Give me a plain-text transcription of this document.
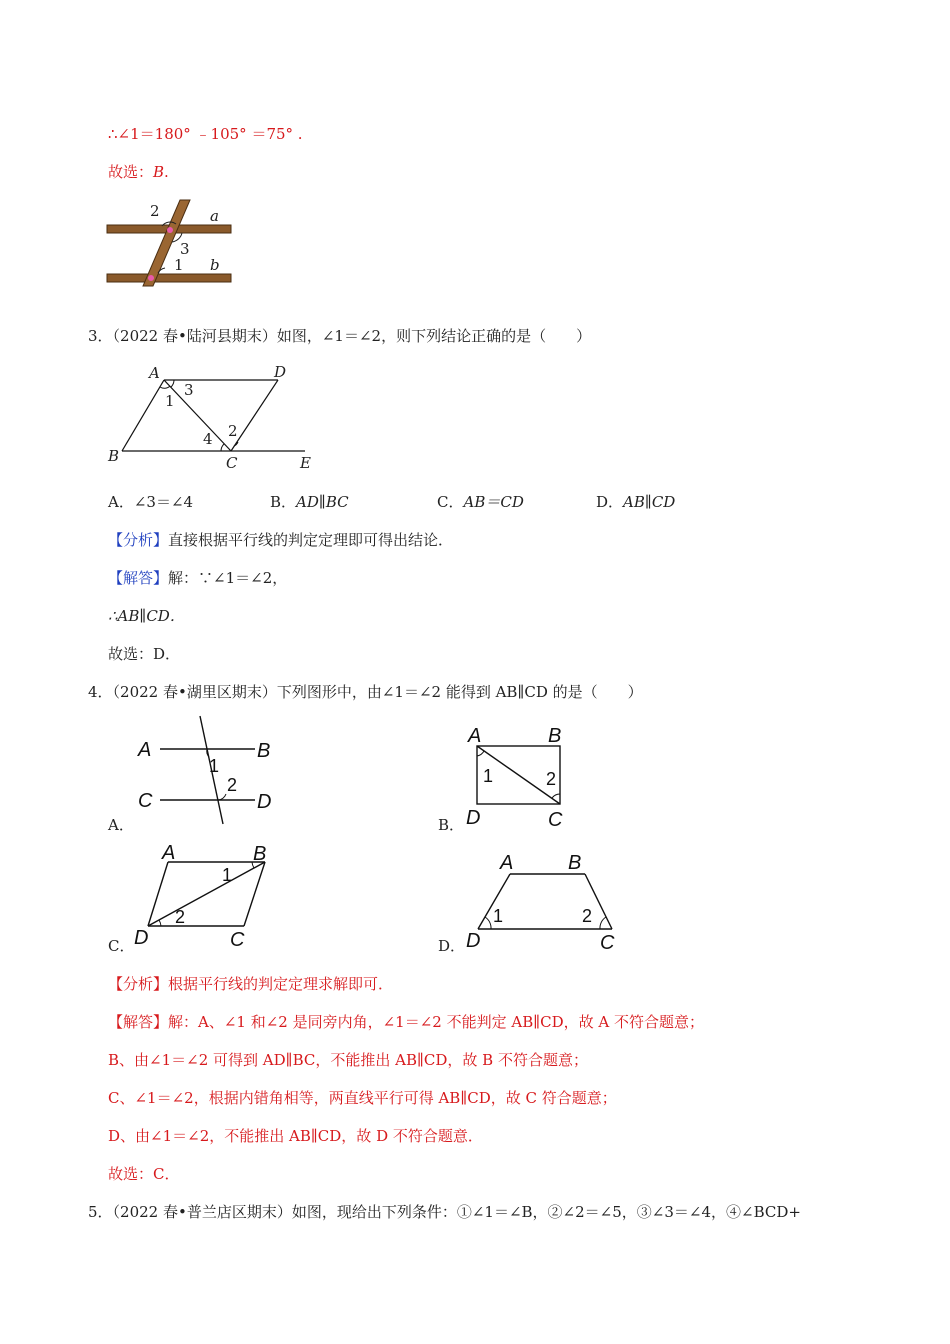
∴∠1＝180° ﹣105° ＝75° .
故选：B.
2	a
3
1 b
3．（2022 春•陆河县期末）如图，∠1＝∠2，则下列结论正确的是（　　）
A	D
B	C	E
1
3
2
4
A．∠3＝∠4	B．AD∥BC	C．AB＝CD	D．AB∥CD
【分析】直接根据平行线的判定定理即可得出结论．
【解答】解：∵∠1＝∠2，
∴AB∥CD．
故选：D．
4．（2022 春•湖里区期末）下列图形中，由∠1＝∠2 能得到 AB∥CD 的是（　　）
A	B
C	D
1
2
A．
A	B
D	C
1	2
B．
A	B
D	C
1
2
C．
A	B
D	C
1	2
D．
【分析】根据平行线的判定定理求解即可．
【解答】解：A、∠1 和∠2 是同旁内角，∠1＝∠2 不能判定 AB∥CD，故 A 不符合题意；
B、由∠1＝∠2 可得到 AD∥BC，不能推出 AB∥CD，故 B 不符合题意；
C、∠1＝∠2，根据内错角相等，两直线平行可得 AB∥CD，故 C 符合题意；
D、由∠1＝∠2，不能推出 AB∥CD，故 D 不符合题意．
故选：C．
5．（2022 春•普兰店区期末）如图，现给出下列条件：①∠1＝∠B，②∠2＝∠5，③∠3＝∠4，④∠BCD+
